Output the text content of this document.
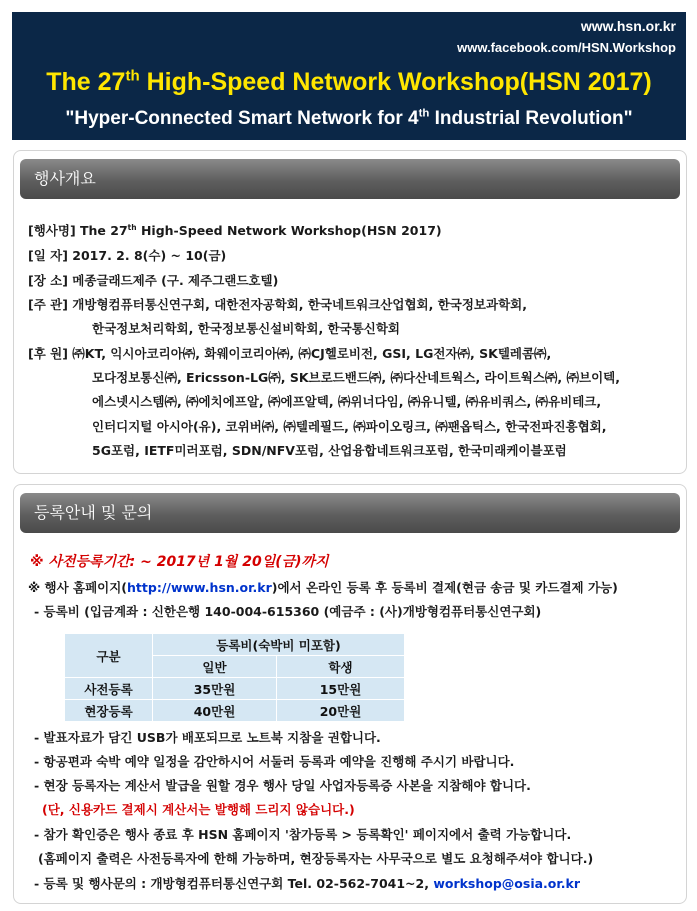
www.hsn.or.kr
www.facebook.com/HSN.Workshop
The 27th High-Speed Network Workshop(HSN 2017)
"Hyper-Connected Smart Network for 4th Industrial Revolution"
행사개요
[행사명] The 27th High-Speed Network Workshop(HSN 2017)
[일 자] 2017. 2. 8(수) ~ 10(금)
[장 소] 메종글래드제주 (구. 제주그랜드호텔)
[주 관] 개방형컴퓨터통신연구회, 대한전자공학회, 한국네트워크산업협회, 한국정보과학회,
한국정보처리학회, 한국정보통신설비학회, 한국통신학회
[후 원] ㈜KT, 익시아코리아㈜, 화웨이코리아㈜, ㈜CJ헬로비전, GSI, LG전자㈜, SK텔레콤㈜,
모다정보통신㈜, Ericsson-LG㈜, SK브로드밴드㈜, ㈜다산네트웍스, 라이트웍스㈜, ㈜브이텍,
에스넷시스템㈜, ㈜에치에프알, ㈜에프알텍, ㈜위너다임, ㈜유니텔, ㈜유비쿼스, ㈜유비테크,
인터디지털 아시아(유), 코위버㈜, ㈜텔레필드, ㈜파이오링크, ㈜팬옵틱스, 한국전파진흥협회,
5G포럼, IETF미러포럼, SDN/NFV포럼, 산업융합네트워크포럼, 한국미래케이블포럼
등록안내 및 문의
※ 사전등록기간: ~ 2017년 1월 20일(금)까지
※ 행사 홈페이지(http://www.hsn.or.kr)에서 온라인 등록 후 등록비 결제(현금 송금 및 카드결제 가능)
- 등록비 (입금계좌 : 신한은행 140-004-615360 (예금주 : (사)개방형컴퓨터통신연구회)
구분	등록비(숙박비 미포함)	
	일반	학생
사전등록	35만원	15만원
현장등록	40만원	20만원
- 발표자료가 담긴 USB가 배포되므로 노트북 지참을 권합니다.
- 항공편과 숙박 예약 일정을 감안하시어 서둘러 등록과 예약을 진행해 주시기 바랍니다.
- 현장 등록자는 계산서 발급을 원할 경우 행사 당일 사업자등록증 사본을 지참해야 합니다.
(단, 신용카드 결제시 계산서는 발행해 드리지 않습니다.)
- 참가 확인증은 행사 종료 후 HSN 홈페이지 '참가등록 > 등록확인' 페이지에서 출력 가능합니다.
(홈페이지 출력은 사전등록자에 한해 가능하며, 현장등록자는 사무국으로 별도 요청해주셔야 합니다.)
- 등록 및 행사문의 : 개방형컴퓨터통신연구회 Tel. 02-562-7041~2, workshop@osia.or.kr
